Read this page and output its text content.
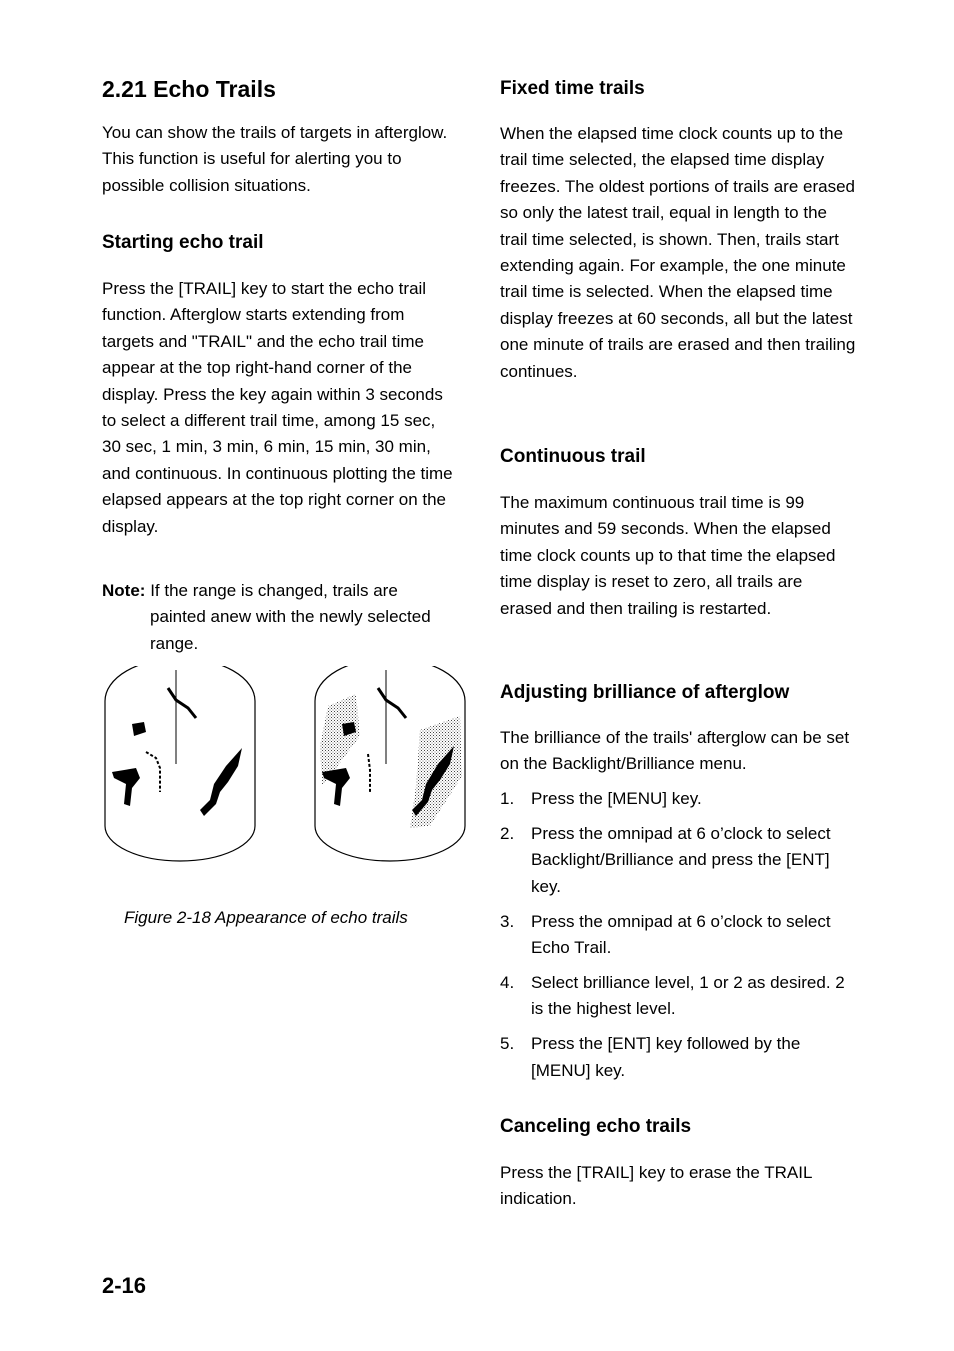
2.21 Echo Trails

You can show the trails of targets in afterglow. This function is useful for alerting you to possible collision situations.

Starting echo trail

Press the [TRAIL] key to start the echo trail function. Afterglow starts extending from targets and "TRAIL" and the echo trail time appear at the top right-hand corner of the display. Press the key again within 3 seconds to select a different trail time, among 15 sec, 30 sec, 1 min, 3 min, 6 min, 15 min, 30 min, and continuous. In continuous plotting the time elapsed appears at the top right corner on the display.

Note: If the range is changed, trails are
painted anew with the newly selected range.
Figure 2-18 Appearance of echo trails
Fixed time trails

When the elapsed time clock counts up to the trail time selected, the elapsed time display freezes. The oldest portions of trails are erased so only the latest trail, equal in length to the trail time selected, is shown. Then, trails start extending again. For example, the one minute trail time is selected. When the elapsed time display freezes at 60 seconds, all but the latest one minute of trails are erased and then trailing continues.

Continuous trail

The maximum continuous trail time is 99 minutes and 59 seconds. When the elapsed time clock counts up to that time the elapsed time display is reset to zero, all trails are erased and then trailing is restarted.

Adjusting brilliance of afterglow

The brilliance of the trails' afterglow can be set on the Backlight/Brilliance menu.

1. Press the [MENU] key.
2. Press the omnipad at 6 o’clock to select Backlight/Brilliance and press the [ENT] key.
3. Press the omnipad at 6 o’clock to select Echo Trail.
4. Select brilliance level, 1 or 2 as desired. 2 is the highest level.
5. Press the [ENT] key followed by the [MENU] key.
Canceling echo trails

Press the [TRAIL] key to erase the TRAIL indication.

2-16
